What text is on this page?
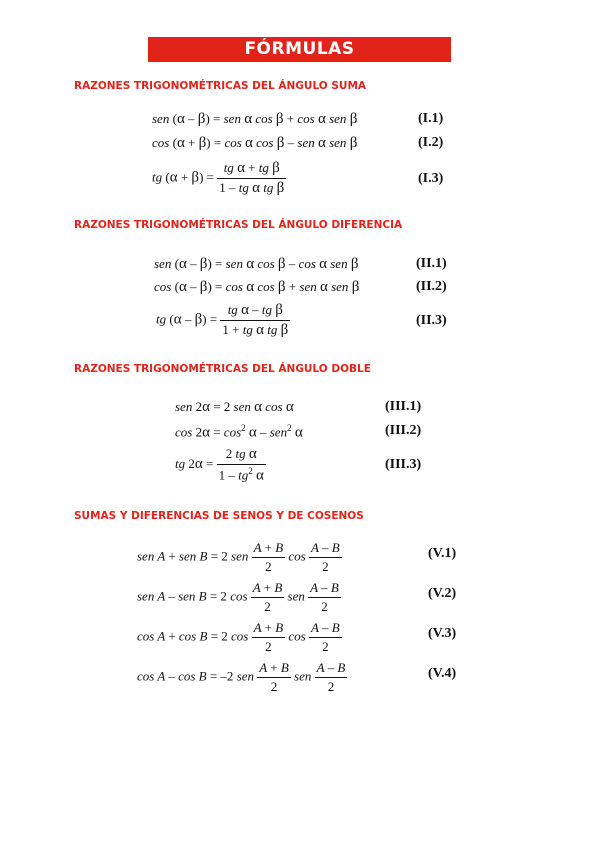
FÓRMULAS TRIGONOMÉTRICAS
RAZONES TRIGONOMÉTRICAS DEL ÁNGULO SUMA
sen (α – β) = sen α cos β + cos α sen β	(I.1)
cos (α + β) = cos α cos β – sen α sen β	(I.2)
tg $(\alpha + \beta) = \frac{\text{tg α + tg β}}{\text{1 – tg α tg β}}$	(I.3)
RAZONES TRIGONOMÉTRICAS DEL ÁNGULO DIFERENCIA
sen (α – β) = sen α cos β – cos α sen β	(II.1)
cos (α – β) = cos α cos β + sen α sen β	(II.2)
tg $(\alpha - \beta) = \frac{\text{tg α – tg β}}{\text{1 + tg α tg β}}$	(II.3)
RAZONES TRIGONOMÉTRICAS DEL ÁNGULO DOBLE
sen 2α = 2 sen α cos α	(III.1)
$\cos 2\alpha = \cos^2 \alpha - sen^2$ α	(III.2)
tg $2\alpha = \frac{\text{2 tg α}}{1 - tg^2 \alpha}$	(III.3)
SUMAS Y DIFERENCIAS DE SENOS Y DE COSENOS
sen A + sen B = 2 sen $\frac{A + B}{2}$ $\cos \frac{A - B}{2}$	(V.1)
sen A – sen B = 2 $\cos \frac{A + B}{2}$ sen $\frac{A - B}{2}$	(V.2)
cos A + cos B = 2 $\cos \frac{A + B}{2}$ $\cos \frac{A - B}{2}$	(V.3)
cos A – cos B = –2 sen $\frac{A + B}{2}$ sen $\frac{A - B}{2}$	(V.4)
